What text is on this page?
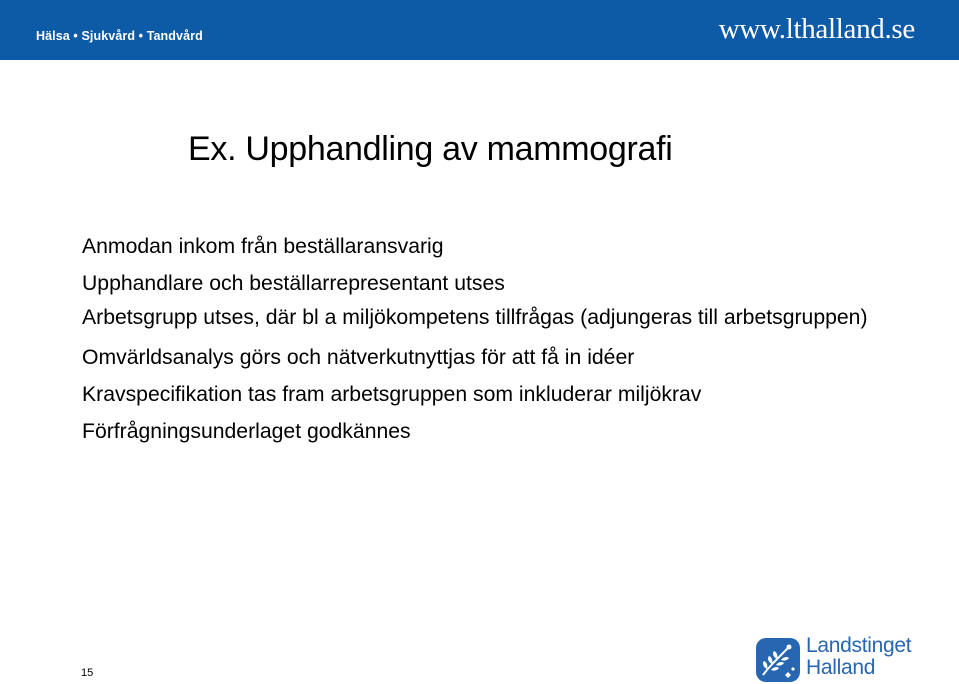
Hälsa • Sjukvård • Tandvård	www.lthalland.se
Ex. Upphandling av mammografi
Anmodan inkom från beställaransvarig
Upphandlare och beställarrepresentant utses
Arbetsgrupp utses, där bl a miljökompetens tillfrågas (adjungeras till arbetsgruppen)
Omvärldsanalys görs och nätverkutnyttjas för att få in idéer
Kravspecifikation tas fram arbetsgruppen som inkluderar miljökrav
Förfrågningsunderlaget godkännes
15
Landstinget
Halland
